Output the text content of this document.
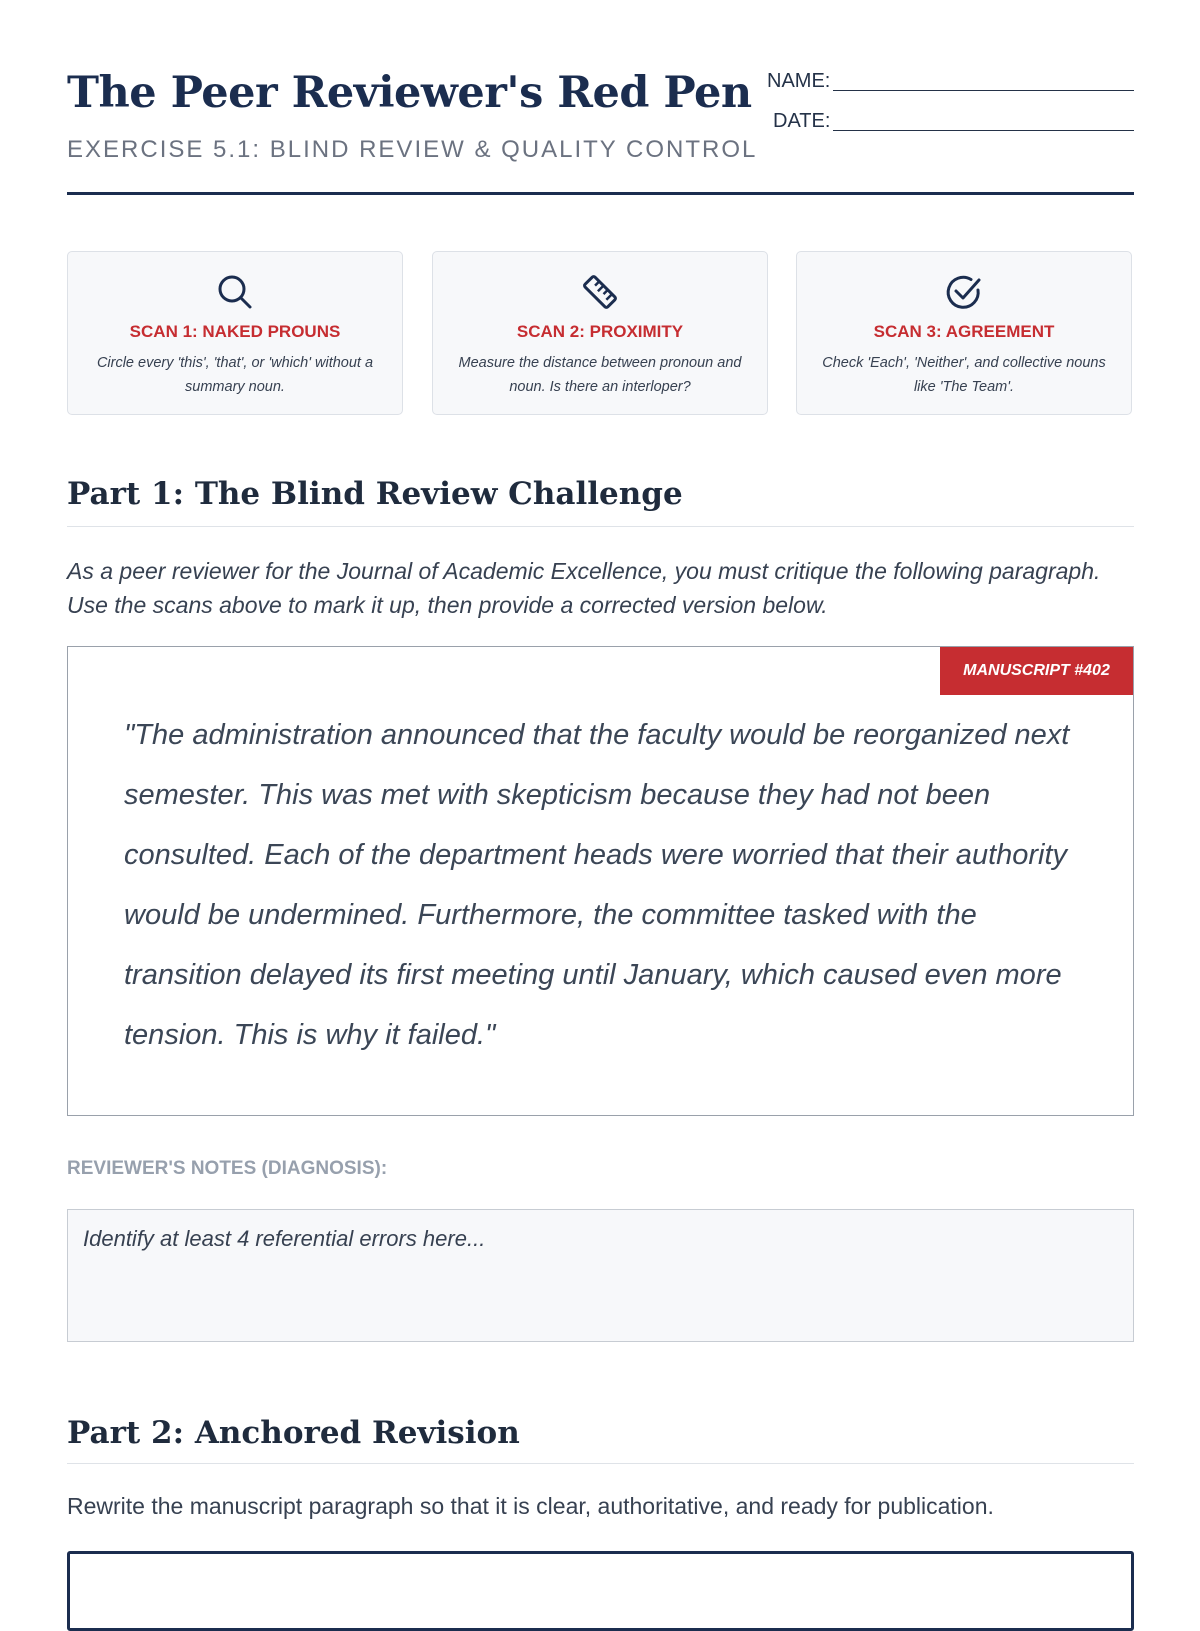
The Peer Reviewer's Red Pen
EXERCISE 5.1: BLIND REVIEW & QUALITY CONTROL
NAME:
DATE:
SCAN 1: NAKED PROUNS
Circle every 'this', 'that', or 'which' without a summary noun.
SCAN 2: PROXIMITY
Measure the distance between pronoun and noun. Is there an interloper?
SCAN 3: AGREEMENT
Check 'Each', 'Neither', and collective nouns like 'The Team'.
Part 1: The Blind Review Challenge

As a peer reviewer for the Journal of Academic Excellence, you must critique the following paragraph. Use the scans above to mark it up, then provide a corrected version below.

MANUSCRIPT #402
"The administration announced that the faculty would be reorganized next semester. This was met with skepticism because they had not been consulted. Each of the department heads were worried that their authority would be undermined. Furthermore, the committee tasked with the transition delayed its first meeting until January, which caused even more tension. This is why it failed."
REVIEWER'S NOTES (DIAGNOSIS):
Identify at least 4 referential errors here...
Part 2: Anchored Revision
Rewrite the manuscript paragraph so that it is clear, authoritative, and ready for publication.
